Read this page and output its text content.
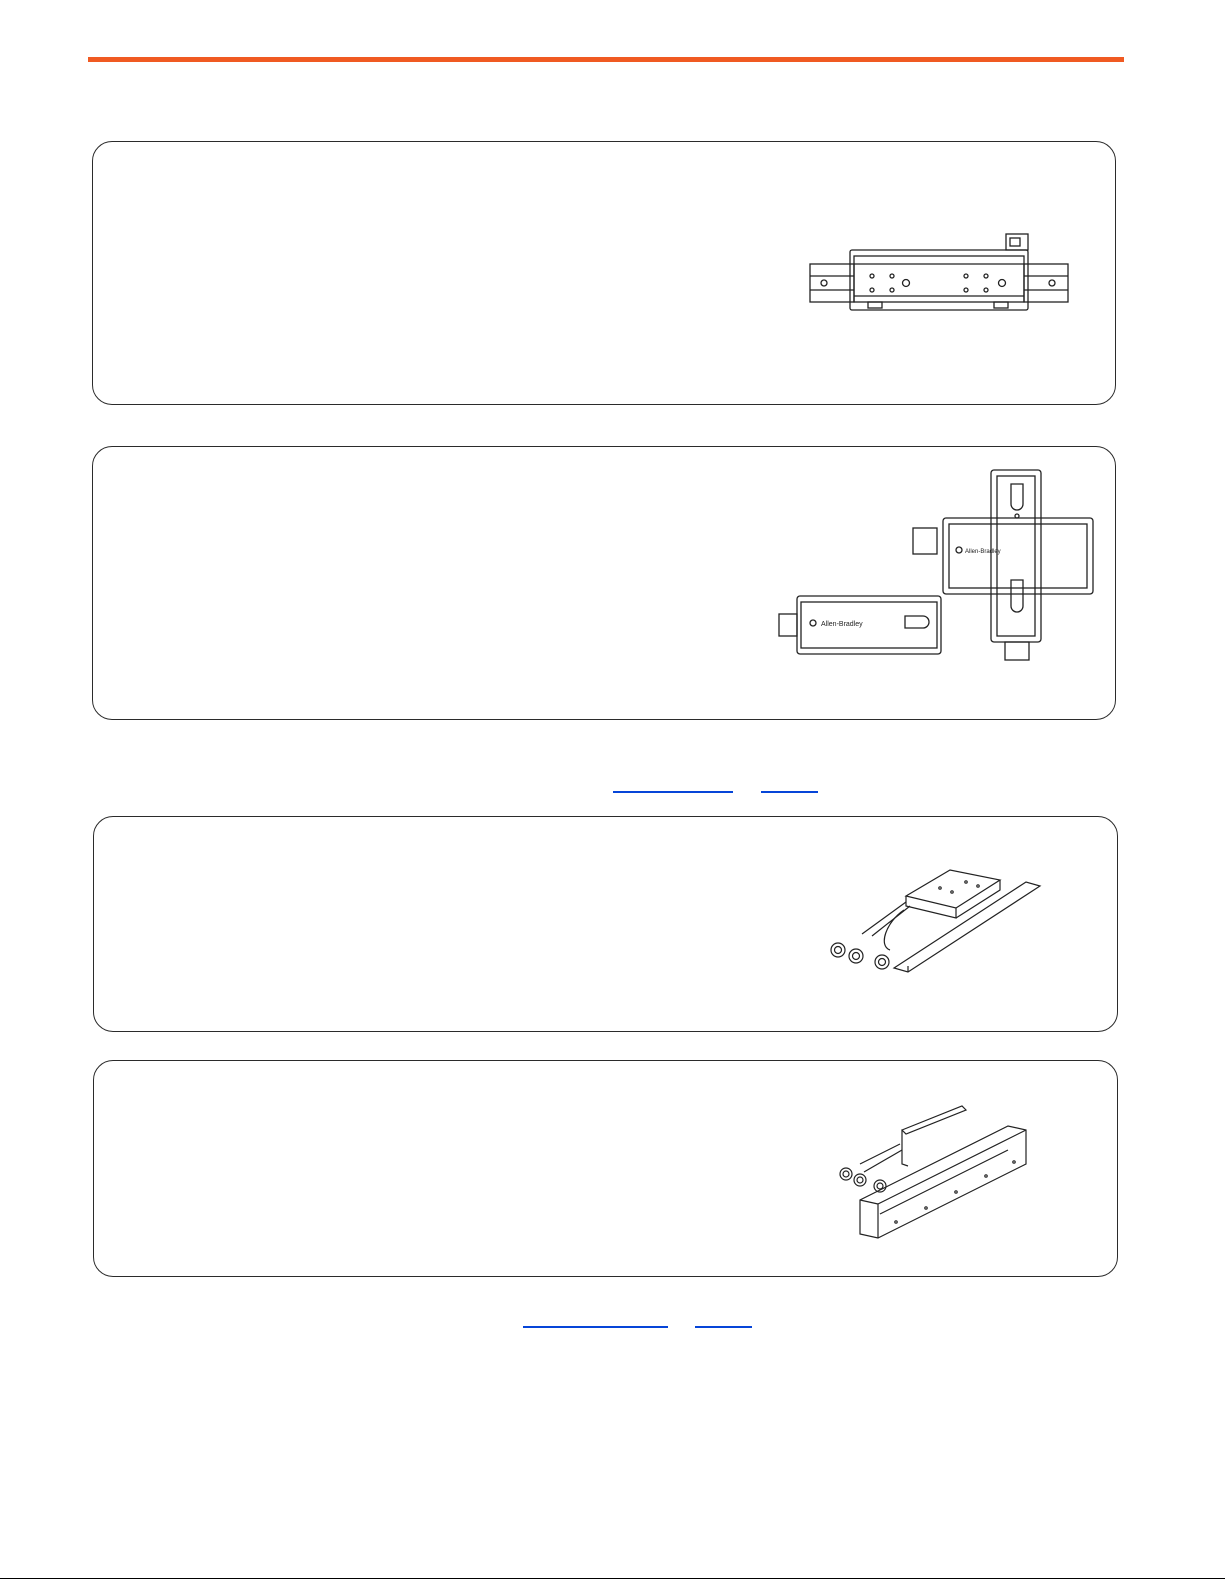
Allen-Bradley
Allen-Bradley
